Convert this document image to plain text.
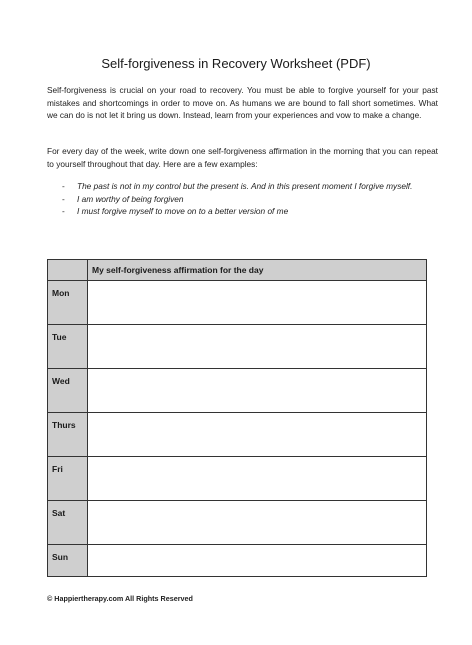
Self-forgiveness in Recovery Worksheet (PDF)

Self-forgiveness is crucial on your road to recovery. You must be able to forgive yourself for your past mistakes and shortcomings in order to move on. As humans we are bound to fall short sometimes. What we can do is not let it bring us down. Instead, learn from your experiences and vow to make a change.

For every day of the week, write down one self-forgiveness affirmation in the morning that you can repeat to yourself throughout that day. Here are a few examples:

- The past is not in my control but the present is. And in this present moment I forgive myself.
- I am worthy of being forgiven
- I must forgive myself to move on to a better version of me
	My self-forgiveness affirmation for the day
Mon	
Tue	
Wed	
Thurs	
Fri	
Sat	
Sun	
© Happiertherapy.com All Rights Reserved
